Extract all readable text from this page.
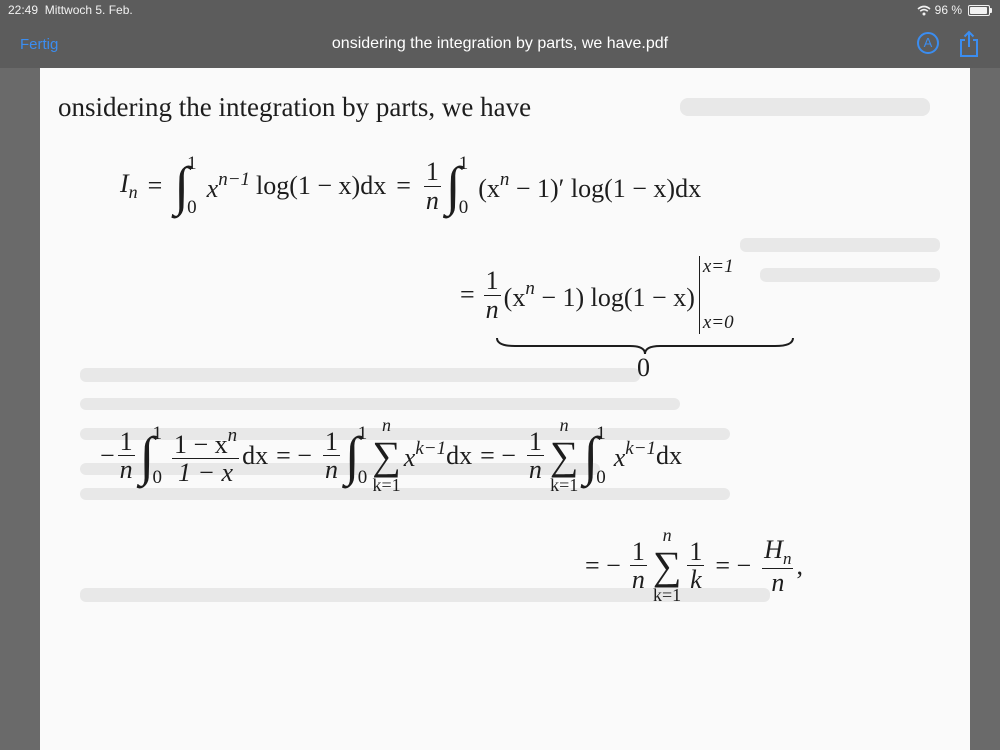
22:49 Mittwoch 5. Feb.	96 %
Fertig	onsidering the integration by parts, we have.pdf	A
onsidering the integration by parts, we have
$I_n$ = ∫
1
0
$x^{n-1}$ $\log(1 - x)dx = \frac{1}{n}$ ∫
1
0
$(x^n - 1)'$ log(1 − x)dx
= $\frac{1}{n} (x^n - 1) \log(1 - x)$
x=1
x=0
0
− $\frac{1}{n}$ ∫
1
$0 \frac{1 - x^n}{1 - x}$ dx = − $\frac{1}{n}$ ∫
1
0
n
∑
k=1
$x^{k-1}$ dx = − $\frac{1}{n}$
n
∑
k=1 ∫
1
0
$x^{k-1}$ dx
= − $\frac{1}{n}$
n
∑
k=1
$\frac{1}{k}$ = − $\frac{H_n}{n}$ ,
